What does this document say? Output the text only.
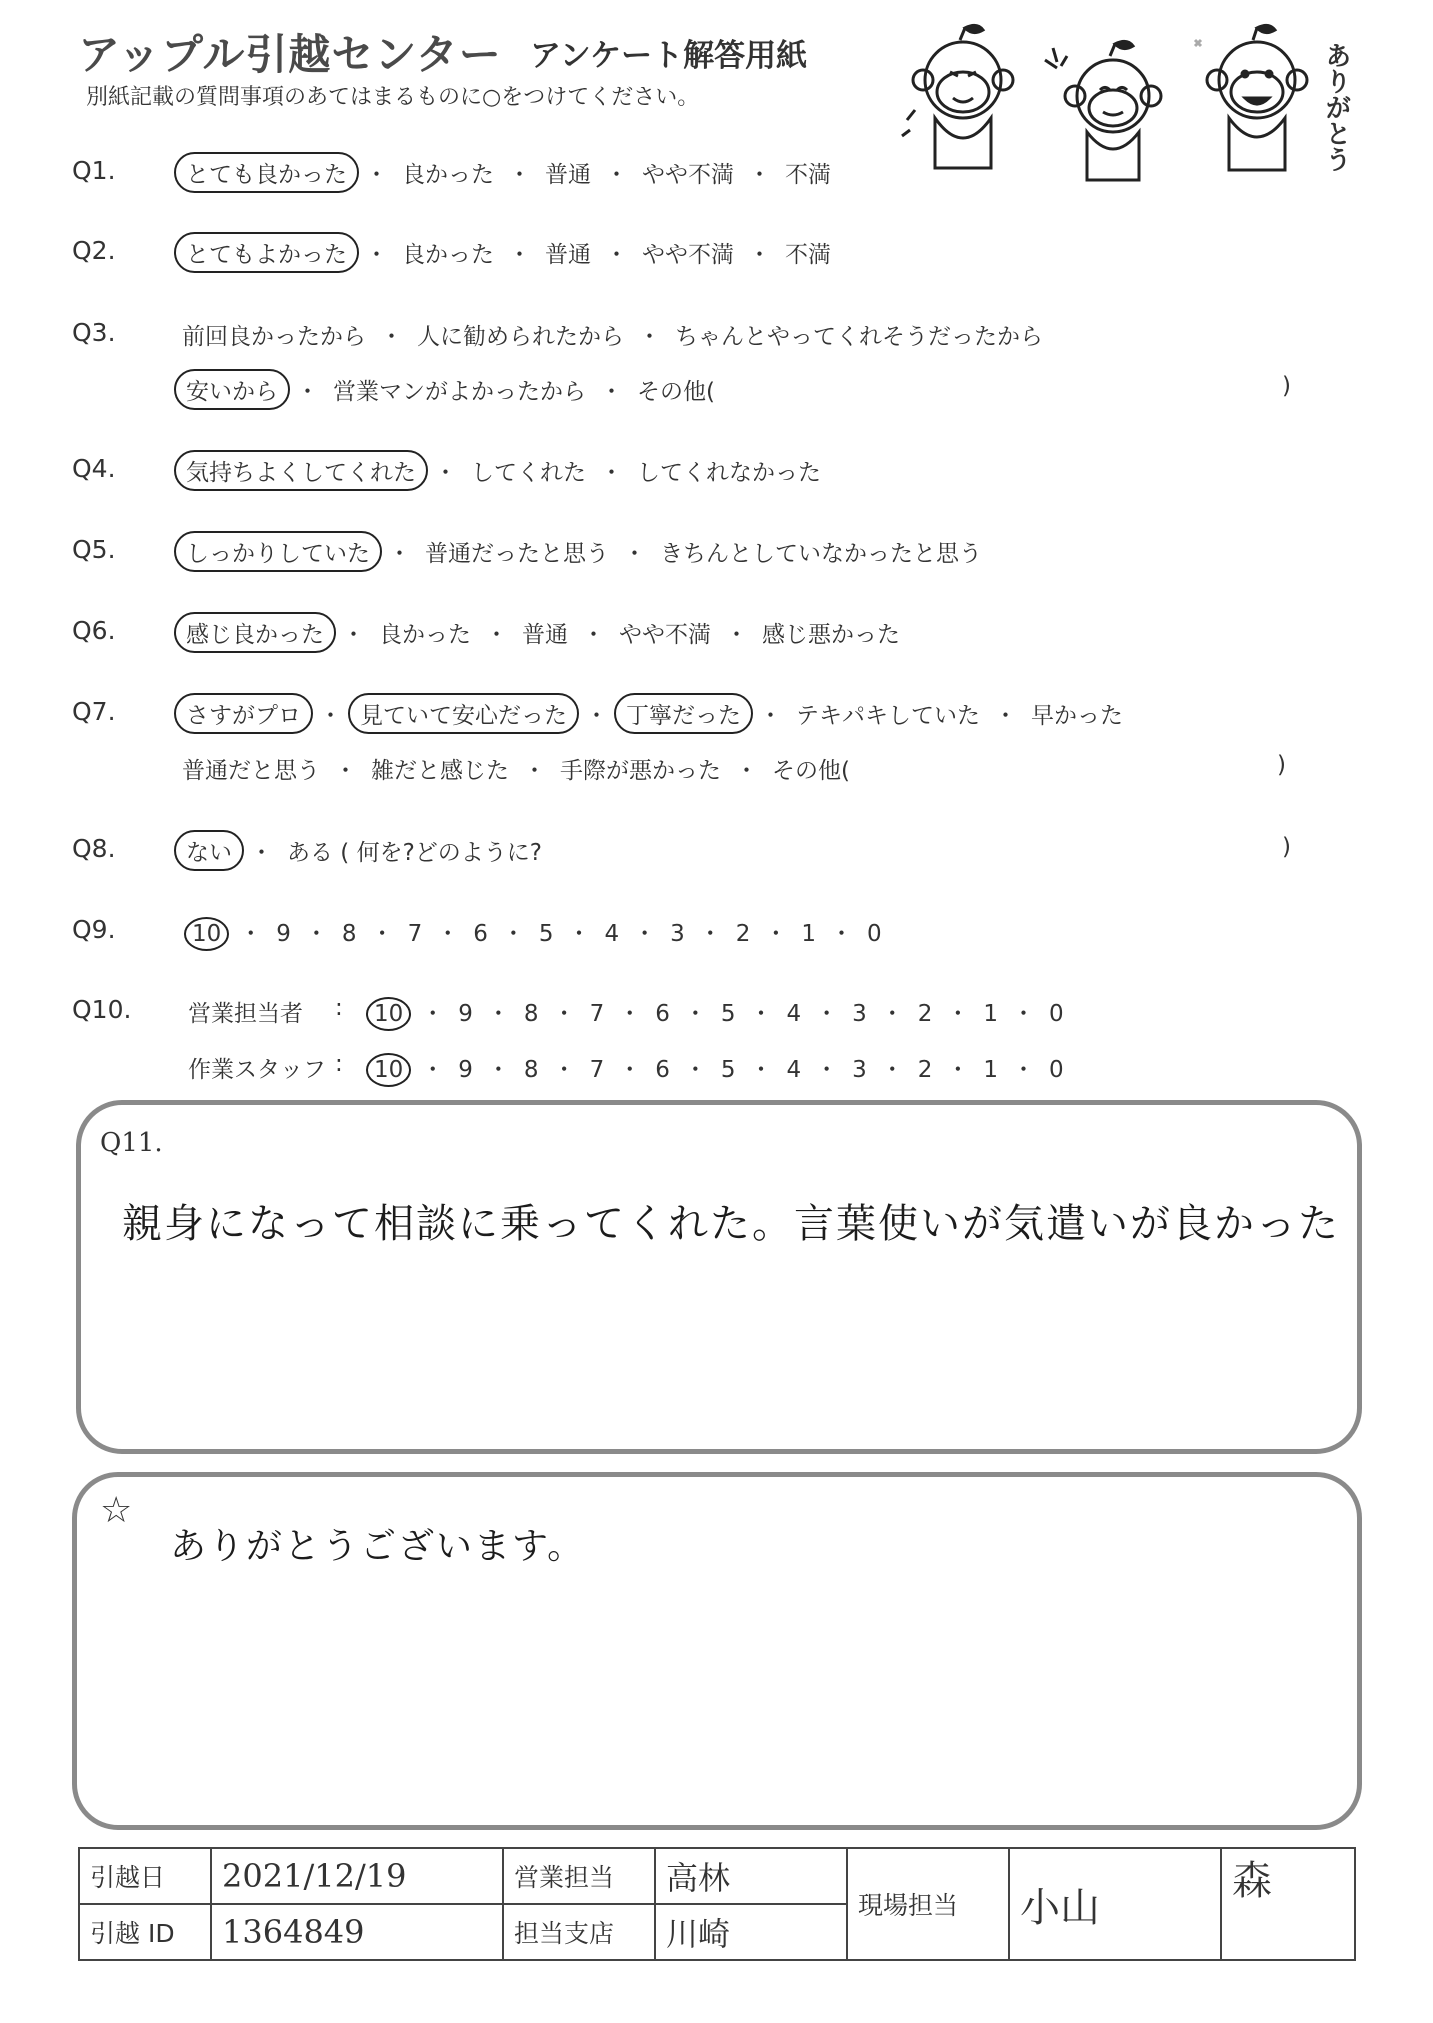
アップル引越センター アンケート解答用紙
別紙記載の質問事項のあてはまるものに○をつけてください。	ありがとう
Q1.	とても良かった ・ 良かった ・ 普通 ・ やや不満 ・ 不満
Q2.	とてもよかった ・ 良かった ・ 普通 ・ やや不満 ・ 不満
Q3.	前回良かったから ・ 人に勧められたから ・ ちゃんとやってくれそうだったから
安いから ・ 営業マンがよかったから ・ その他(	)
Q4.	気持ちよくしてくれた ・ してくれた ・ してくれなかった
Q5.	しっかりしていた ・ 普通だったと思う ・ きちんとしていなかったと思う
Q6.	感じ良かった ・ 良かった ・ 普通 ・ やや不満 ・ 感じ悪かった
Q7.	さすがプロ ・ 見ていて安心だった ・ 丁寧だった ・ テキパキしていた ・ 早かった
普通だと思う ・ 雑だと感じた ・ 手際が悪かった ・ その他(	)
Q8.	ない ・ ある ( 何を?どのように?	)
Q9.	10 ・ 9 ・ 8 ・ 7 ・ 6 ・ 5 ・ 4 ・ 3 ・ 2 ・ 1 ・ 0
Q10. 営業担当者 : 10 ・ 9 ・ 8 ・ 7 ・ 6 ・ 5 ・ 4 ・ 3 ・ 2 ・ 1 ・ 0
作業スタッフ : 10 ・ 9 ・ 8 ・ 7 ・ 6 ・ 5 ・ 4 ・ 3 ・ 2 ・ 1 ・ 0
Q11.
親身になって相談に乗ってくれた。言葉使いが気遣いが良かった
☆
ありがとうございます。
引越日	2021/12/19	営業担当	高林	現場担当	小山	森
引越 ID	1364849	担当支店	川崎			
